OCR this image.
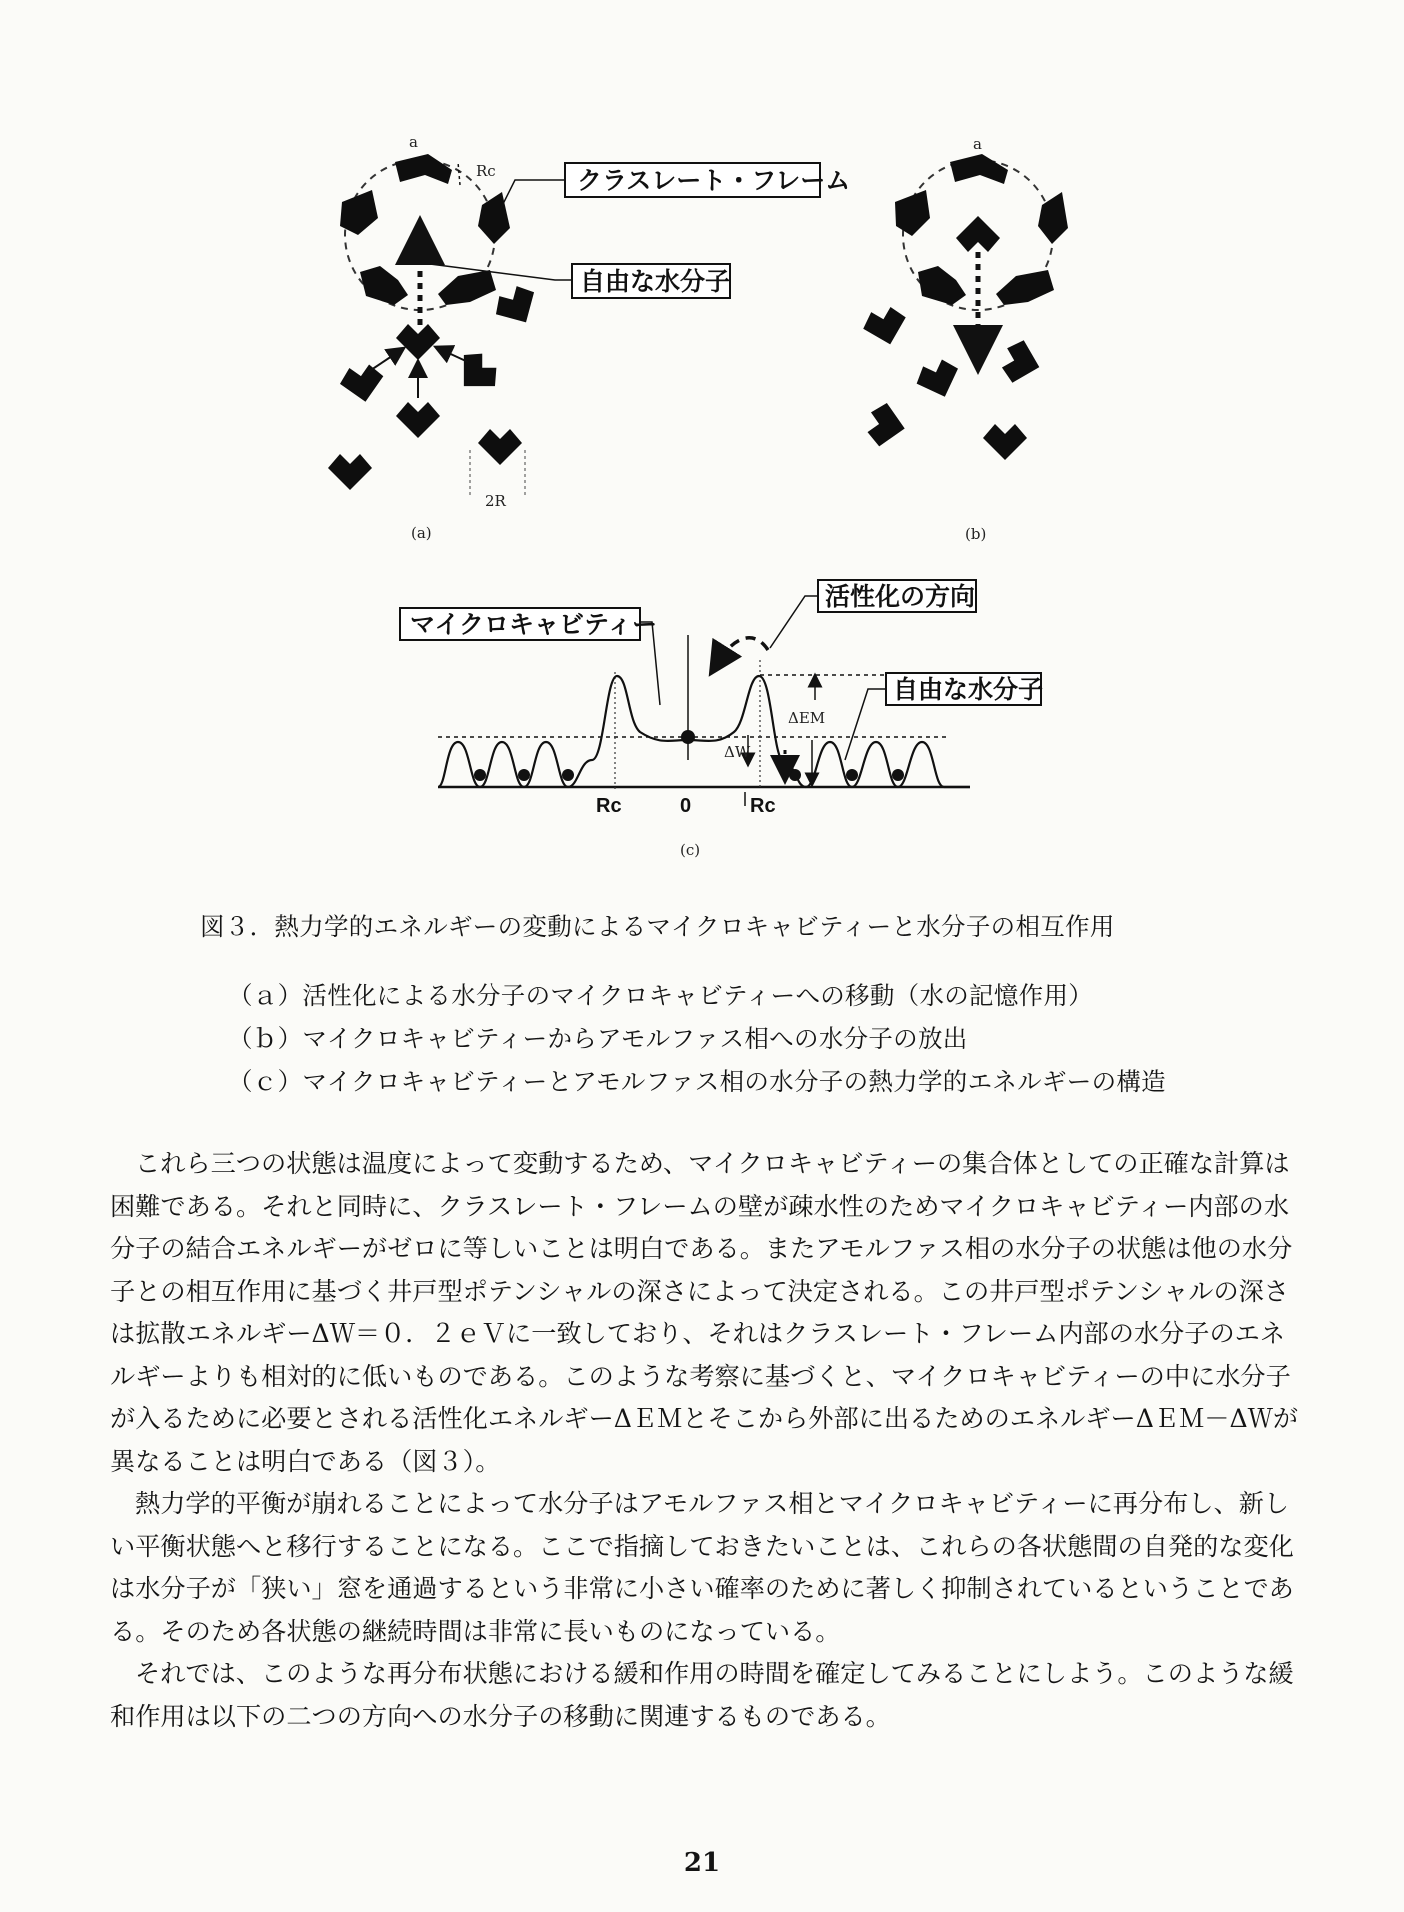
a
Rc
2R
(a)
クラスレート・フレーム
自由な水分子
a
(b)
ΔEM
ΔW
Rc	0	Rc
(c)
マイクロキャビティー
活性化の方向
自由な水分子
図３．熱力学的エネルギーの変動によるマイクロキャビティーと水分子の相互作用
（ａ）活性化による水分子のマイクロキャビティーへの移動（水の記憶作用）
（ｂ）マイクロキャビティーからアモルファス相への水分子の放出
（ｃ）マイクロキャビティーとアモルファス相の水分子の熱力学的エネルギーの構造

これら三つの状態は温度によって変動するため、マイクロキャビティーの集合体としての正確な計算は困難である。それと同時に、クラスレート・フレームの壁が疎水性のためマイクロキャビティー内部の水分子の結合エネルギーがゼロに等しいことは明白である。またアモルファス相の水分子の状態は他の水分子との相互作用に基づく井戸型ポテンシャルの深さによって決定される。この井戸型ポテンシャルの深さは拡散エネルギーΔＷ＝０．２ｅＶに一致しており、それはクラスレート・フレーム内部の水分子のエネルギーよりも相対的に低いものである。このような考察に基づくと、マイクロキャビティーの中に水分子が入るために必要とされる活性化エネルギーΔＥＭとそこから外部に出るためのエネルギーΔＥＭ－ΔＷが異なることは明白である（図３）。

熱力学的平衡が崩れることによって水分子はアモルファス相とマイクロキャビティーに再分布し、新しい平衡状態へと移行することになる。ここで指摘しておきたいことは、これらの各状態間の自発的な変化は水分子が「狭い」窓を通過するという非常に小さい確率のために著しく抑制されているということである。そのため各状態の継続時間は非常に長いものになっている。

それでは、このような再分布状態における緩和作用の時間を確定してみることにしよう。このような緩和作用は以下の二つの方向への水分子の移動に関連するものである。

21
